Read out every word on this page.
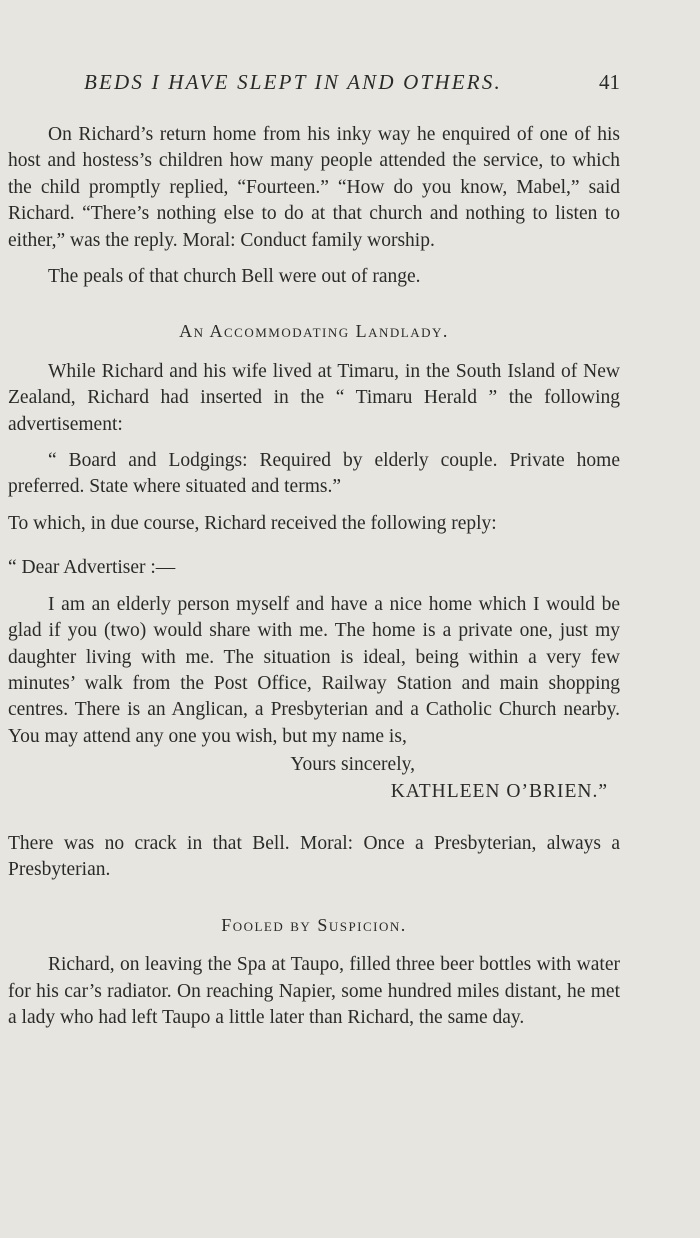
BEDS I HAVE SLEPT IN AND OTHERS.	41

On Richard’s return home from his inky way he enquired of one of his host and hostess’s children how many people attended the service, to which the child promptly replied, “Fourteen.” “How do you know, Mabel,” said Richard. “There’s nothing else to do at that church and nothing to listen to either,” was the reply. Moral: Conduct family worship.

The peals of that church Bell were out of range.

An Accommodating Landlady.

While Richard and his wife lived at Timaru, in the South Island of New Zealand, Richard had inserted in the “ Timaru Herald ” the following advertisement:

“ Board and Lodgings: Required by elderly couple. Private home preferred. State where situated and terms.”

To which, in due course, Richard received the following reply:

“ Dear Advertiser :—

I am an elderly person myself and have a nice home which I would be glad if you (two) would share with me. The home is a private one, just my daughter living with me. The situation is ideal, being within a very few minutes’ walk from the Post Office, Railway Station and main shopping centres. There is an Anglican, a Presbyterian and a Catholic Church nearby. You may attend any one you wish, but my name is,

Yours sincerely,

KATHLEEN O’BRIEN.”

There was no crack in that Bell. Moral: Once a Presbyterian, always a Presbyterian.

Fooled by Suspicion.

Richard, on leaving the Spa at Taupo, filled three beer bottles with water for his car’s radiator. On reaching Napier, some hundred miles distant, he met a lady who had left Taupo a little later than Richard, the same day.
